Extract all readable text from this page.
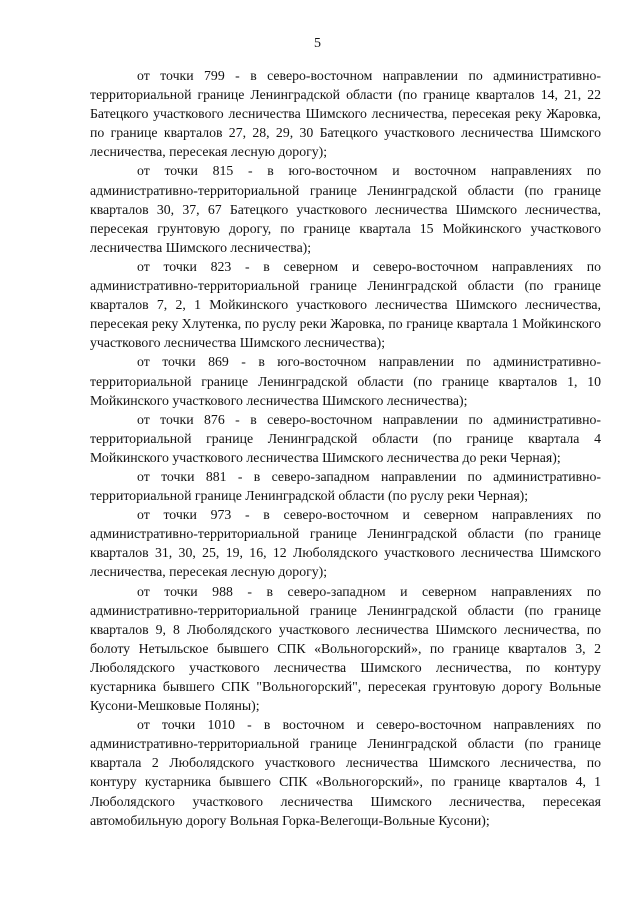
5

от точки 799 - в северо-восточном направлении по административно-территориальной границе Ленинградской области (по границе кварталов 14, 21, 22 Батецкого участкового лесничества Шимского лесничества, пересекая реку Жаровка, по границе кварталов 27, 28, 29, 30 Батецкого участкового лесничества Шимского лесничества, пересекая лесную дорогу);

от точки 815 - в юго-восточном и восточном направлениях по административно-территориальной границе Ленинградской области (по границе кварталов 30, 37, 67 Батецкого участкового лесничества Шимского лесничества, пересекая грунтовую дорогу, по границе квартала 15 Мойкинского участкового лесничества Шимского лесничества);

от точки 823 - в северном и северо-восточном направлениях по административно-территориальной границе Ленинградской области (по границе кварталов 7, 2, 1 Мойкинского участкового лесничества Шимского лесничества, пересекая реку Хлутенка, по руслу реки Жаровка, по границе квартала 1 Мойкинского участкового лесничества Шимского лесничества);

от точки 869 - в юго-восточном направлении по административно-территориальной границе Ленинградской области (по границе кварталов 1, 10 Мойкинского участкового лесничества Шимского лесничества);

от точки 876 - в северо-восточном направлении по административно-территориальной границе Ленинградской области (по границе квартала 4 Мойкинского участкового лесничества Шимского лесничества до реки Черная);

от точки 881 - в северо-западном направлении по административно-территориальной границе Ленинградской области (по руслу реки Черная);

от точки 973 - в северо-восточном и северном направлениях по административно-территориальной границе Ленинградской области (по границе кварталов 31, 30, 25, 19, 16, 12 Люболядского участкового лесничества Шимского лесничества, пересекая лесную дорогу);

от точки 988 - в северо-западном и северном направлениях по административно-территориальной границе Ленинградской области (по границе кварталов 9, 8 Люболядского участкового лесничества Шимского лесничества, по болоту Нетыльское бывшего СПК «Вольногорский», по границе кварталов 3, 2 Люболядского участкового лесничества Шимского лесничества, по контуру кустарника бывшего СПК "Вольногорский", пересекая грунтовую дорогу Вольные Кусони-Мешковые Поляны);

от точки 1010 - в восточном и северо-восточном направлениях по административно-территориальной границе Ленинградской области (по границе квартала 2 Люболядского участкового лесничества Шимского лесничества, по контуру кустарника бывшего СПК «Вольногорский», по границе кварталов 4, 1 Люболядского участкового лесничества Шимского лесничества, пересекая автомобильную дорогу Вольная Горка-Велегощи-Вольные Кусони);
